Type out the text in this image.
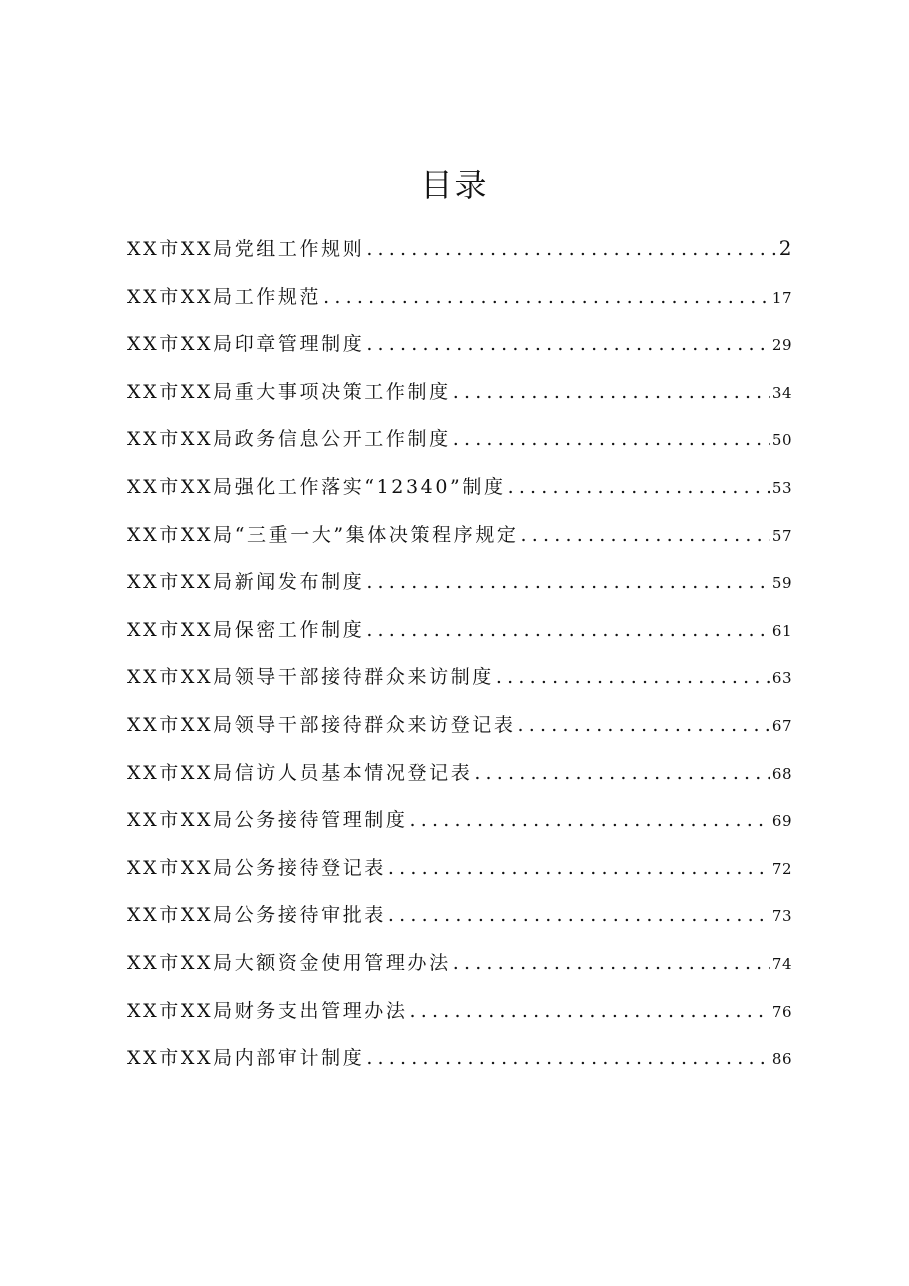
目录
XX市XX局党组工作规则 .....	2
XX市XX局工作规范 .....	17
XX市XX局印章管理制度 .....	29
XX市XX局重大事项决策工作制度 .....	34
XX市XX局政务信息公开工作制度 .....	50
XX市XX局强化工作落实“12340”制度 .....	53
XX市XX局“三重一大”集体决策程序规定 .....	57
XX市XX局新闻发布制度 .....	59
XX市XX局保密工作制度 .....	61
XX市XX局领导干部接待群众来访制度 .....	63
XX市XX局领导干部接待群众来访登记表 .....	67
XX市XX局信访人员基本情况登记表 .....	68
XX市XX局公务接待管理制度 .....	69
XX市XX局公务接待登记表 .....	72
XX市XX局公务接待审批表 .....	73
XX市XX局大额资金使用管理办法 .....	74
XX市XX局财务支出管理办法 .....	76
XX市XX局内部审计制度 .....	86
